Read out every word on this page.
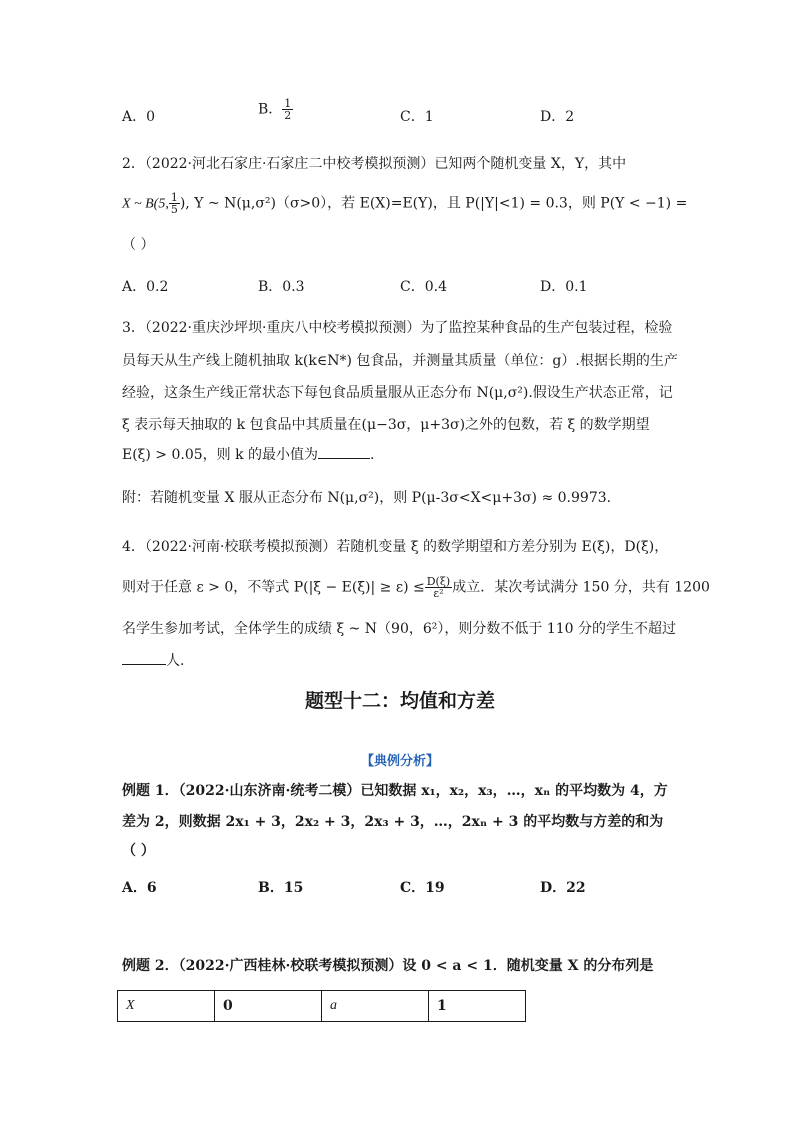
A．0	B． $\frac{1}{2}$	C．1	D．2
2．（2022·河北石家庄·石家庄二中校考模拟预测）已知两个随机变量 X，Y，其中
X ~ B(5, $\frac{1}{5}$ ), Y ~ N(μ,σ²)（σ>0），若 E(X)=E(Y)，且 P(|Y|<1) = 0.3，则 P(Y < −1) =
（ ）
A．0.2	B．0.3	C．0.4	D．0.1
3．（2022·重庆沙坪坝·重庆八中校考模拟预测）为了监控某种食品的生产包装过程，检验
员每天从生产线上随机抽取 k(k∈N*) 包食品，并测量其质量（单位：g）.根据长期的生产
经验，这条生产线正常状态下每包食品质量服从正态分布 N(μ,σ²).假设生产状态正常，记
ξ 表示每天抽取的 k 包食品中其质量在(μ−3σ，μ+3σ)之外的包数，若 ξ 的数学期望
E(ξ) > 0.05，则 k 的最小值为	.
附：若随机变量 X 服从正态分布 N(μ,σ²)，则 P(μ-3σ<X<μ+3σ) ≈ 0.9973.
4．（2022·河南·校联考模拟预测）若随机变量 ξ 的数学期望和方差分别为 E(ξ)，D(ξ)，
则对于任意 ε > 0，不等式 $P(|\xi - E(\xi)| \ge \varepsilon) \le \frac{D(\xi)}{\text{ε²}}$ 成立．某次考试满分 150 分，共有 1200
名学生参加考试，全体学生的成绩 ξ ~ N（90，6²），则分数不低于 110 分的学生不超过
人.
题型十二：均值和方差
【典例分析】
例题 1．（2022·山东济南·统考二模）已知数据 x₁，x₂，x₃，…，xₙ 的平均数为 4，方
差为 2，则数据 2x₁ + 3，2x₂ + 3，2x₃ + 3，…，2xₙ + 3 的平均数与方差的和为
（ ）
A．6	B．15	C．19	D．22
例题 2．（2022·广西桂林·校联考模拟预测）设 0 < a < 1．随机变量 X 的分布列是
X	0	a	1
